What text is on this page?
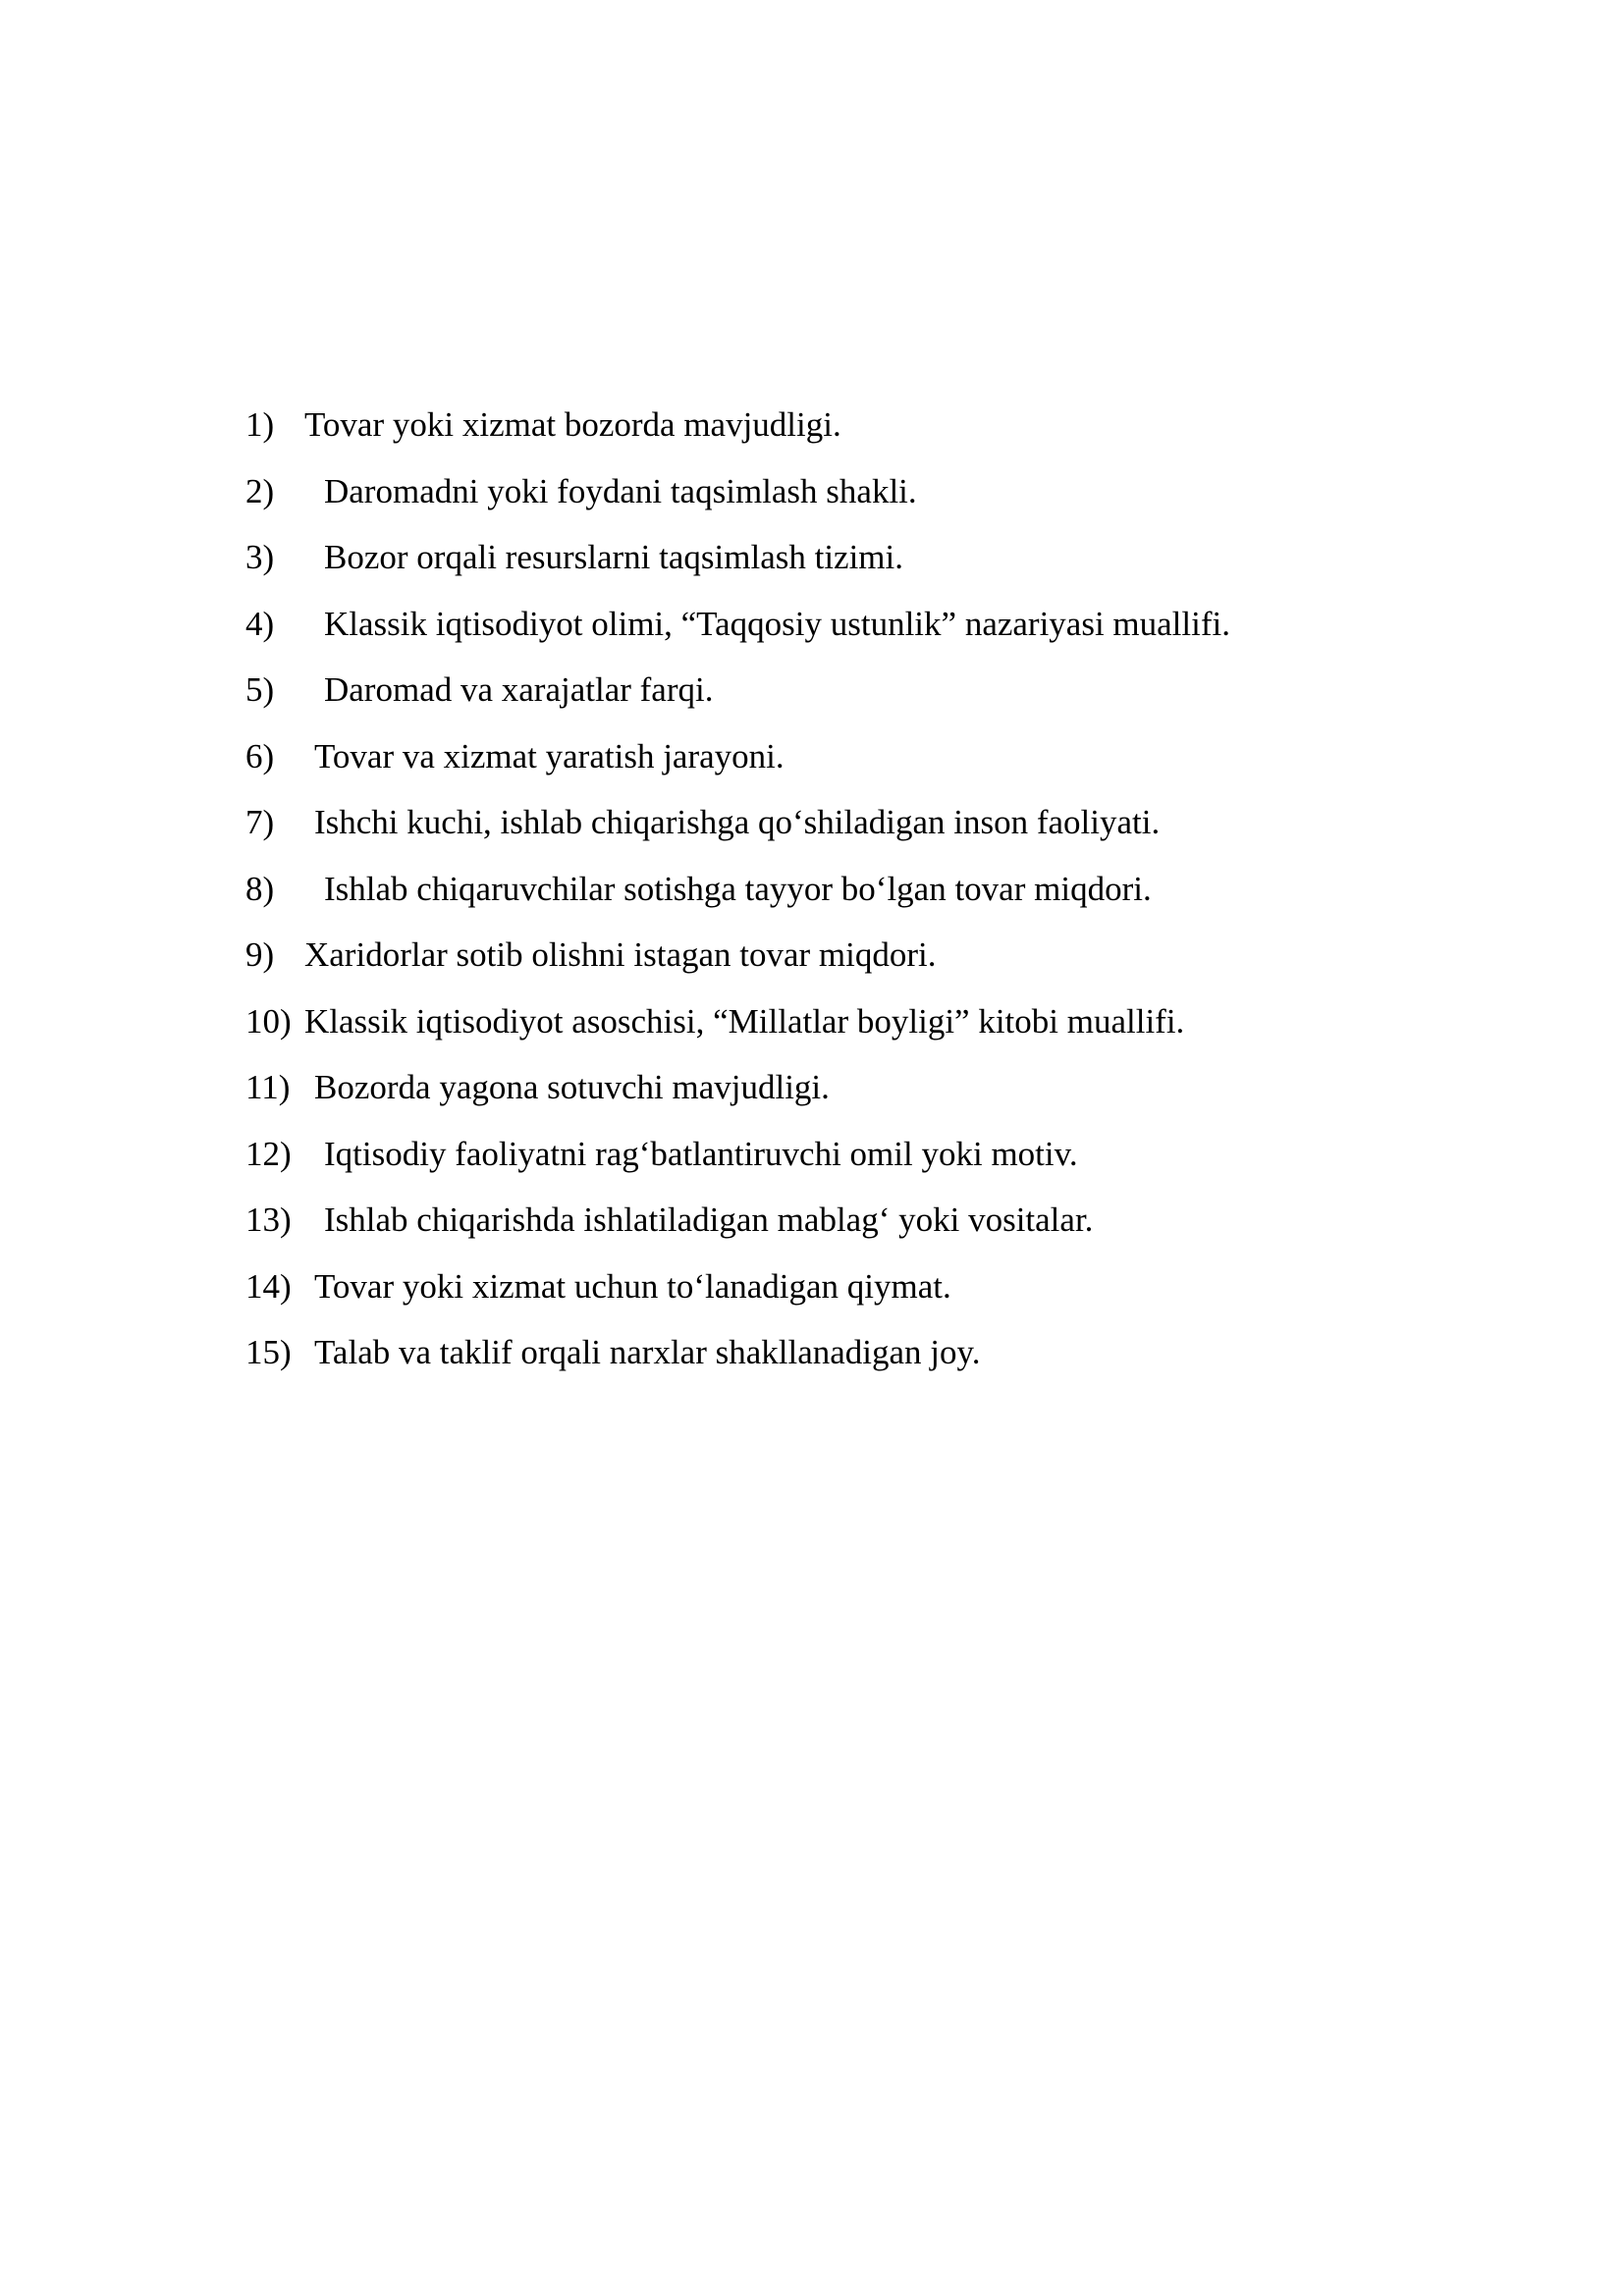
1) Tovar yoki xizmat bozorda mavjudligi.
2)	Daromadni yoki foydani taqsimlash shakli.
3)	Bozor orqali resurslarni taqsimlash tizimi.
4)	Klassik iqtisodiyot olimi, “Taqqosiy ustunlik” nazariyasi muallifi.
5)	Daromad va xarajatlar farqi.
6)	Tovar va xizmat yaratish jarayoni.
7)	Ishchi kuchi, ishlab chiqarishga qo‘shiladigan inson faoliyati.
8)	Ishlab chiqaruvchilar sotishga tayyor bo‘lgan tovar miqdori.
9) Xaridorlar sotib olishni istagan tovar miqdori.
10) Klassik iqtisodiyot asoschisi, “Millatlar boyligi” kitobi muallifi.
11) Bozorda yagona sotuvchi mavjudligi.
12) Iqtisodiy faoliyatni rag‘batlantiruvchi omil yoki motiv.
13) Ishlab chiqarishda ishlatiladigan mablag‘ yoki vositalar.
14) Tovar yoki xizmat uchun to‘lanadigan qiymat.
15) Talab va taklif orqali narxlar shakllanadigan joy.
